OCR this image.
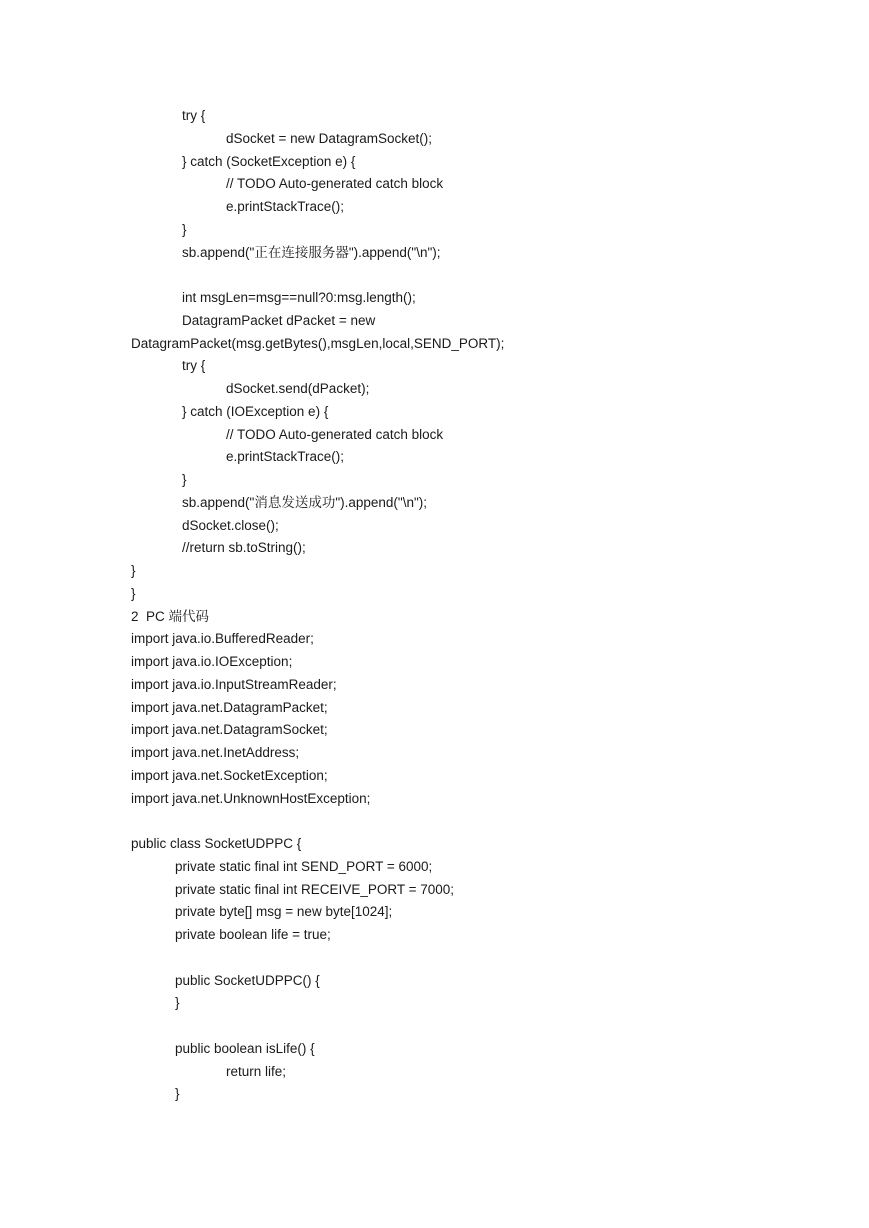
try {
dSocket = new DatagramSocket();
} catch (SocketException e) {
// TODO Auto-generated catch block
e.printStackTrace();
}
sb.append("正在连接服务器").append("\n");
int msgLen=msg==null?0:msg.length();
DatagramPacket dPacket = new
DatagramPacket(msg.getBytes(),msgLen,local,SEND_PORT);
try {
dSocket.send(dPacket);
} catch (IOException e) {
// TODO Auto-generated catch block
e.printStackTrace();
}
sb.append("消息发送成功").append("\n");
dSocket.close();
//return sb.toString();
}
}
2  PC 端代码
import java.io.BufferedReader;
import java.io.IOException;
import java.io.InputStreamReader;
import java.net.DatagramPacket;
import java.net.DatagramSocket;
import java.net.InetAddress;
import java.net.SocketException;
import java.net.UnknownHostException;
public class SocketUDPPC {
private static final int SEND_PORT = 6000;
private static final int RECEIVE_PORT = 7000;
private byte[] msg = new byte[1024];
private boolean life = true;
public SocketUDPPC() {
}
public boolean isLife() {
return life;
}
